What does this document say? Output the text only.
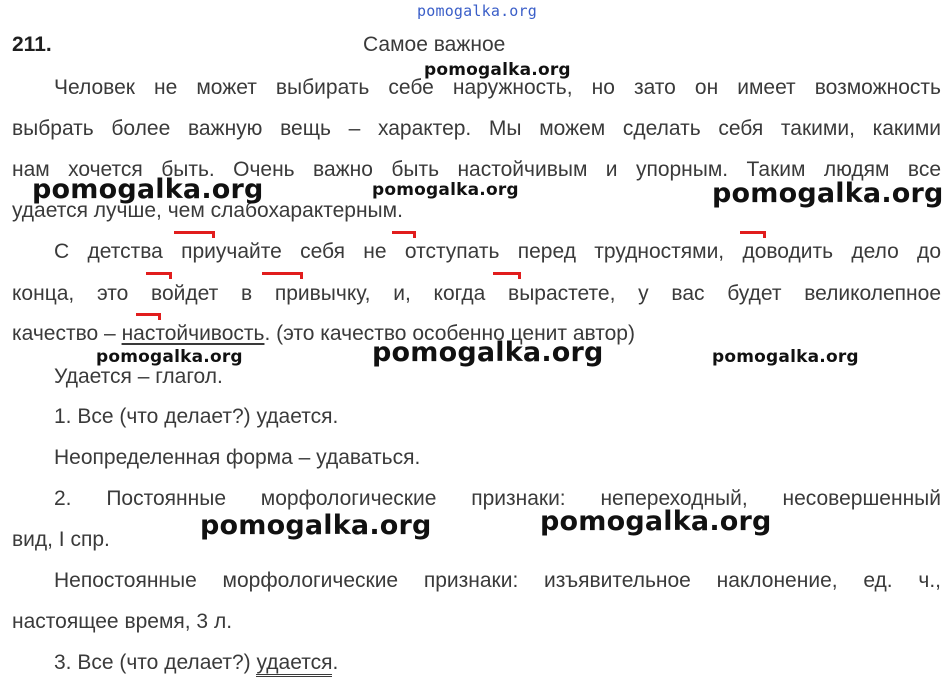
pomogalka.org
211.	Самое важное
Человек не может выбирать себе наружность, но зато он имеет возможность
выбрать более важную вещь – характер. Мы можем сделать себя такими, какими
нам хочется быть. Очень важно быть настойчивым и упорным. Таким людям все
удается лучше, чем слабохарактерным.
С детства приучайте себя не отступать перед трудностями, доводить дело до
концa, это войдет в привычку, и, когда вырастете, у вас будет великолепное
качество – настойчивость. (это качество особенно ценит автор)
Удается – глагол.
1. Все (что делает?) удается.
Неопределенная форма – удаваться.
2. Постоянные морфологические признаки: непереходный, несовершенный
вид, I спр.
Непостоянные морфологические признаки: изъявительное наклонение, ед. ч.,
настоящее время, 3 л.
3. Все (что делает?) удается.
pomogalka.org
pomogalka.org	pomogalka.org	pomogalka.org
pomogalka.org	pomogalka.org	pomogalka.org
pomogalka.org	pomogalka.org
